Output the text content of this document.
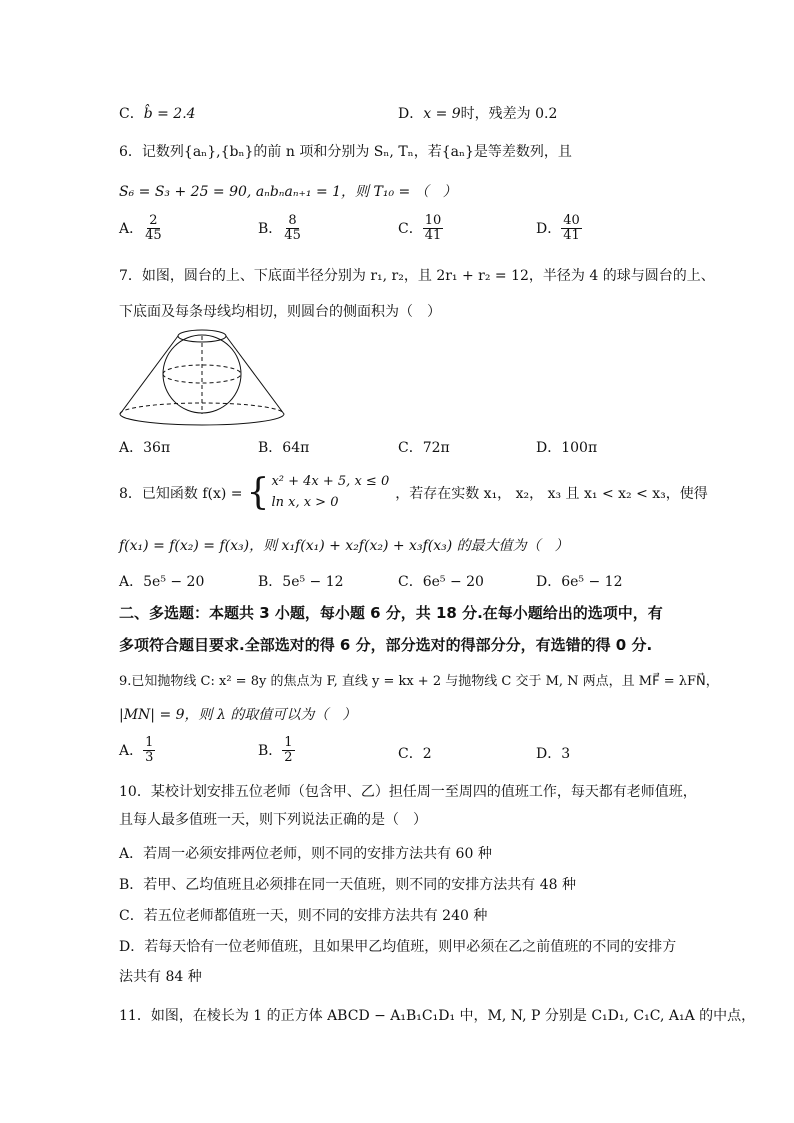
C．b̂ = 2.4	D．x = 9时，残差为 0.2
6．记数列{aₙ},{bₙ}的前 n 项和分别为 Sₙ, Tₙ，若{aₙ}是等差数列，且
S₆ = S₃ + 25 = 90, aₙbₙaₙ₊₁ = 1，则 T₁₀ = （　）
A． $\frac{2}{45}$	B． $\frac{8}{45}$	C． $\frac{10}{41}$	D． $\frac{40}{41}$
7．如图，圆台的上、下底面半径分别为 r₁, r₂，且 2r₁ + r₂ = 12，半径为 4 的球与圆台的上、
下底面及每条母线均相切，则圆台的侧面积为（　）
A．36π	B．64π	C．72π	D．100π
8．已知函数 f(x) = { x² + 4x + 5, x ≤ 0
ln x, x > 0
，若存在实数 x₁， x₂， x₃ 且 x₁ < x₂ < x₃，使得
f(x₁) = f(x₂) = f(x₃)，则 x₁f(x₁) + x₂f(x₂) + x₃f(x₃) 的最大值为（　）
A．5e⁵ − 20	B．5e⁵ − 12	C．6e⁵ − 20	D．6e⁵ − 12
二、多选题：本题共 3 小题，每小题 6 分，共 18 分.在每小题给出的选项中，有
多项符合题目要求.全部选对的得 6 分，部分选对的得部分分，有选错的得 0 分.
9.已知抛物线 C: x² = 8y 的焦点为 F, 直线 y = kx + 2 与抛物线 C 交于 M, N 两点，且 MF⃗ = λFN⃗，
|MN| = 9，则 λ 的取值可以为（　）
A． $\frac{1}{3}$	B． $\frac{1}{2}$	C．2	D．3
10．某校计划安排五位老师（包含甲、乙）担任周一至周四的值班工作，每天都有老师值班，
且每人最多值班一天，则下列说法正确的是（　）
A．若周一必须安排两位老师，则不同的安排方法共有 60 种
B．若甲、乙均值班且必须排在同一天值班，则不同的安排方法共有 48 种
C．若五位老师都值班一天，则不同的安排方法共有 240 种
D．若每天恰有一位老师值班，且如果甲乙均值班，则甲必须在乙之前值班的不同的安排方
法共有 84 种
11．如图，在棱长为 1 的正方体 ABCD − A₁B₁C₁D₁ 中，M, N, P 分别是 C₁D₁, C₁C, A₁A 的中点，
